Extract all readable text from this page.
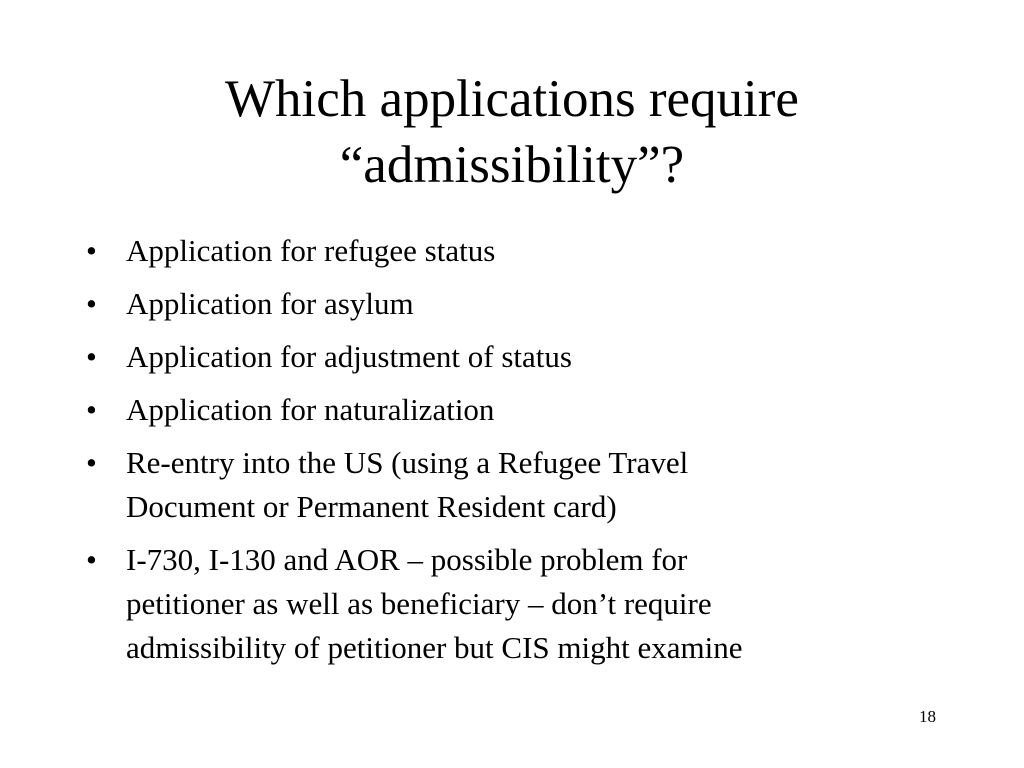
Which applications require
“admissibility”?
• Application for refugee status
• Application for asylum
• Application for adjustment of status
• Application for naturalization
• Re-entry into the US (using a Refugee Travel
Document or Permanent Resident card)
• I-730, I-130 and AOR – possible problem for
petitioner as well as beneficiary – don’t require
admissibility of petitioner but CIS might examine
18
